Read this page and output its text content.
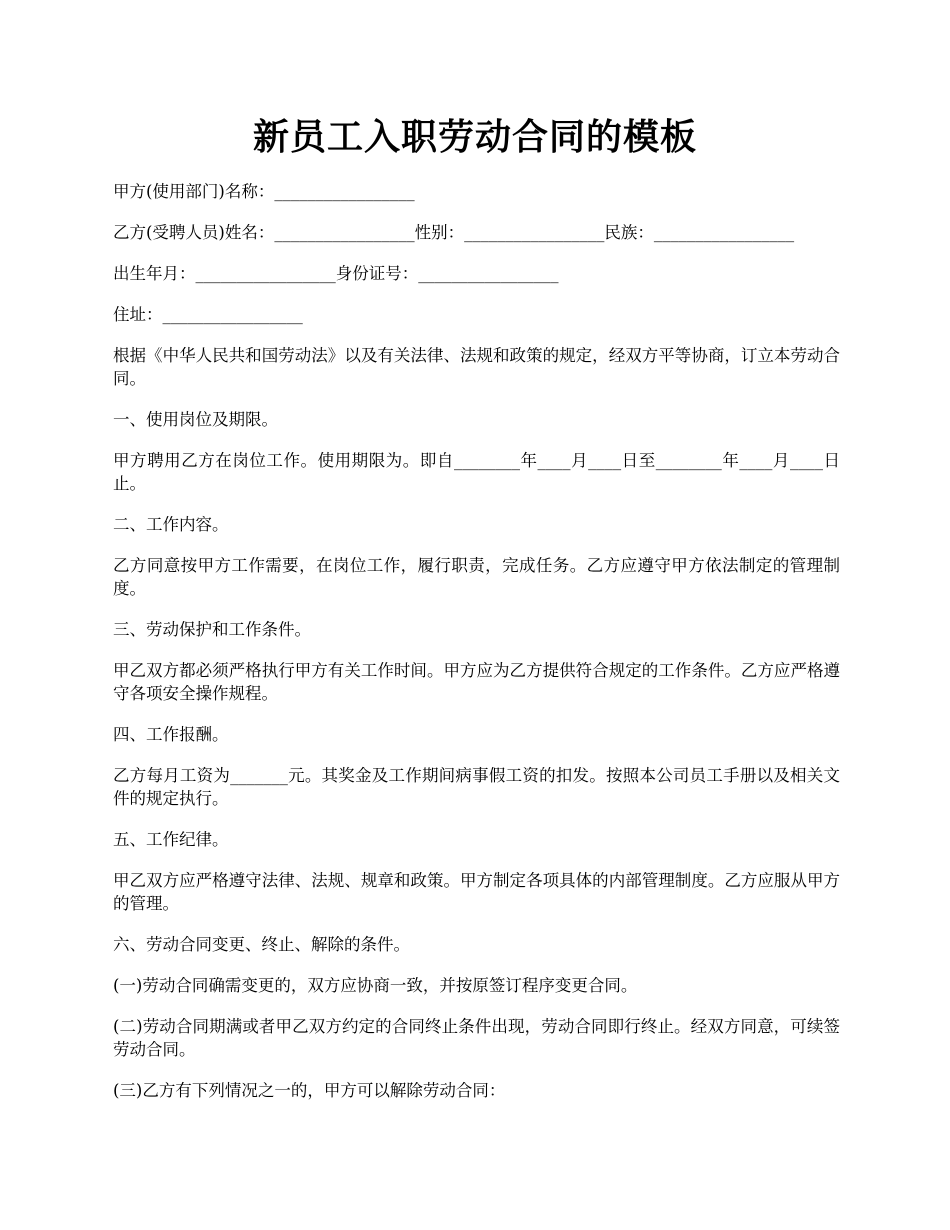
新员工入职劳动合同的模板

甲方(使用部门)名称：_________________

乙方(受聘人员)姓名：_________________性别：_________________民族：_________________

出生年月：_________________身份证号：_________________

住址：_________________

根据《中华人民共和国劳动法》以及有关法律、法规和政策的规定，经双方平等协商，订立本劳动合同。

一、使用岗位及期限。

甲方聘用乙方在岗位工作。使用期限为。即自________年____月____日至________年____月____日止。

二、工作内容。

乙方同意按甲方工作需要，在岗位工作，履行职责，完成任务。乙方应遵守甲方依法制定的管理制度。

三、劳动保护和工作条件。

甲乙双方都必须严格执行甲方有关工作时间。甲方应为乙方提供符合规定的工作条件。乙方应严格遵守各项安全操作规程。

四、工作报酬。

乙方每月工资为_______元。其奖金及工作期间病事假工资的扣发。按照本公司员工手册以及相关文件的规定执行。

五、工作纪律。

甲乙双方应严格遵守法律、法规、规章和政策。甲方制定各项具体的内部管理制度。乙方应服从甲方的管理。

六、劳动合同变更、终止、解除的条件。

(一)劳动合同确需变更的，双方应协商一致，并按原签订程序变更合同。

(二)劳动合同期满或者甲乙双方约定的合同终止条件出现，劳动合同即行终止。经双方同意，可续签劳动合同。

(三)乙方有下列情况之一的，甲方可以解除劳动合同：
